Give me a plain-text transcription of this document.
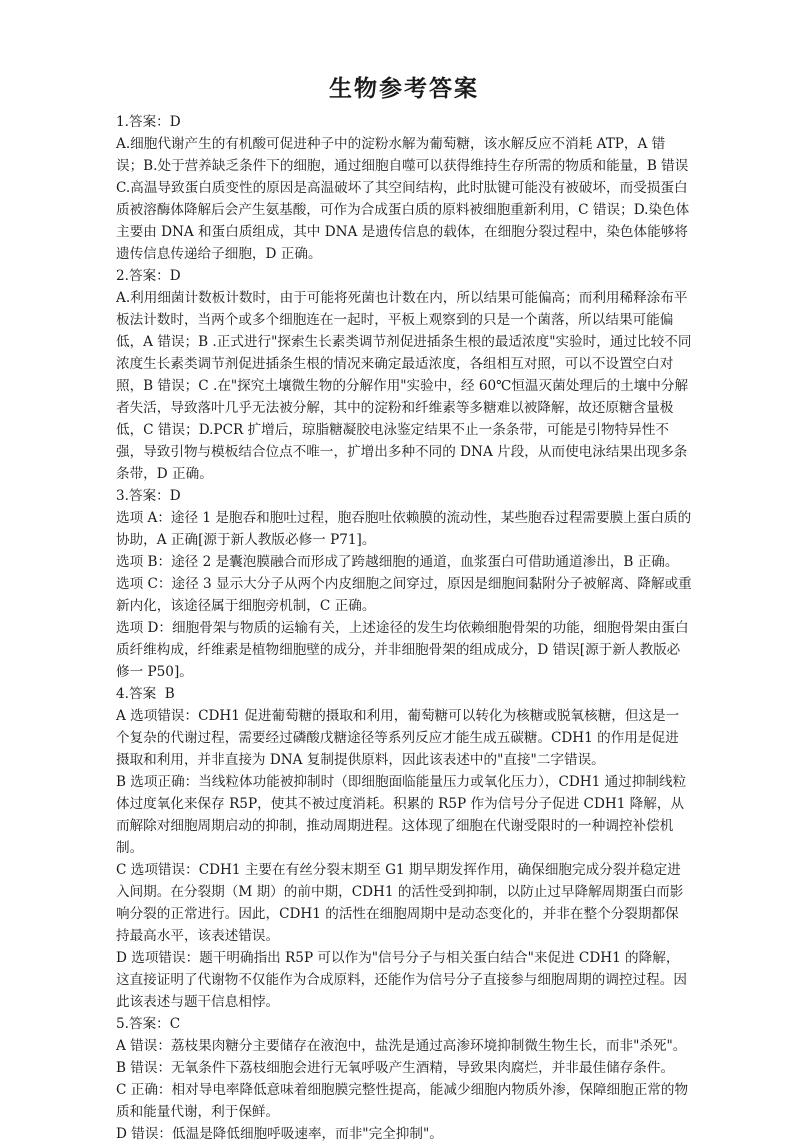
生物参考答案

1.答案：D

A.细胞代谢产生的有机酸可促进种子中的淀粉水解为葡萄糖，该水解反应不消耗 ATP，A 错误；B.处于营养缺乏条件下的细胞，通过细胞自噬可以获得维持生存所需的物质和能量，B 错误 C.高温导致蛋白质变性的原因是高温破坏了其空间结构，此时肽键可能没有被破坏，而受损蛋白质被溶酶体降解后会产生氨基酸，可作为合成蛋白质的原料被细胞重新利用，C 错误；D.染色体主要由 DNA 和蛋白质组成，其中 DNA 是遗传信息的载体，在细胞分裂过程中，染色体能够将遗传信息传递给子细胞，D 正确。

2.答案：D

A.利用细菌计数板计数时，由于可能将死菌也计数在内，所以结果可能偏高；而利用稀释涂布平板法计数时，当两个或多个细胞连在一起时，平板上观察到的只是一个菌落，所以结果可能偏低，A 错误；B .正式进行"探索生长素类调节剂促进插条生根的最适浓度"实验时，通过比较不同浓度生长素类调节剂促进插条生根的情况来确定最适浓度，各组相互对照，可以不设置空白对照，B 错误；C .在"探究土壤微生物的分解作用"实验中，经 60℃恒温灭菌处理后的土壤中分解者失活，导致落叶几乎无法被分解，其中的淀粉和纤维素等多糖难以被降解，故还原糖含量极低，C 错误；D.PCR 扩增后，琼脂糖凝胶电泳鉴定结果不止一条条带，可能是引物特异性不强，导致引物与模板结合位点不唯一，扩增出多种不同的 DNA 片段，从而使电泳结果出现多条条带，D 正确。

3.答案：D

选项 A：途径 1 是胞吞和胞吐过程，胞吞胞吐依赖膜的流动性，某些胞吞过程需要膜上蛋白质的协助，A 正确[源于新人教版必修一 P71]。

选项 B：途径 2 是囊泡膜融合而形成了跨越细胞的通道，血浆蛋白可借助通道渗出，B 正确。

选项 C：途径 3 显示大分子从两个内皮细胞之间穿过，原因是细胞间黏附分子被解离、降解或重新内化，该途径属于细胞旁机制，C 正确。

选项 D：细胞骨架与物质的运输有关，上述途径的发生均依赖细胞骨架的功能，细胞骨架由蛋白质纤维构成，纤维素是植物细胞壁的成分，并非细胞骨架的组成成分，D 错误[源于新人教版必修一 P50]。

4.答案  B

A 选项错误：CDH1 促进葡萄糖的摄取和利用，葡萄糖可以转化为核糖或脱氧核糖，但这是一个复杂的代谢过程，需要经过磷酸戊糖途径等系列反应才能生成五碳糖。CDH1 的作用是促进摄取和利用，并非直接为 DNA 复制提供原料，因此该表述中的"直接"二字错误。

B 选项正确：当线粒体功能被抑制时（即细胞面临能量压力或氧化压力），CDH1 通过抑制线粒体过度氧化来保存 R5P，使其不被过度消耗。积累的 R5P 作为信号分子促进 CDH1 降解，从而解除对细胞周期启动的抑制，推动周期进程。这体现了细胞在代谢受限时的一种调控补偿机制。

C 选项错误：CDH1 主要在有丝分裂末期至 G1 期早期发挥作用，确保细胞完成分裂并稳定进入间期。在分裂期（M 期）的前中期，CDH1 的活性受到抑制，以防止过早降解周期蛋白而影响分裂的正常进行。因此，CDH1 的活性在细胞周期中是动态变化的，并非在整个分裂期都保持最高水平，该表述错误。

D 选项错误：题干明确指出 R5P 可以作为"信号分子与相关蛋白结合"来促进 CDH1 的降解，这直接证明了代谢物不仅能作为合成原料，还能作为信号分子直接参与细胞周期的调控过程。因此该表述与题干信息相悖。

5.答案：C

A 错误：荔枝果肉糖分主要储存在液泡中，盐洗是通过高渗环境抑制微生物生长，而非"杀死"。

B 错误：无氧条件下荔枝细胞会进行无氧呼吸产生酒精，导致果肉腐烂，并非最佳储存条件。

C 正确：相对导电率降低意味着细胞膜完整性提高，能减少细胞内物质外渗，保障细胞正常的物质和能量代谢，利于保鲜。

D 错误：低温是降低细胞呼吸速率，而非"完全抑制"。
